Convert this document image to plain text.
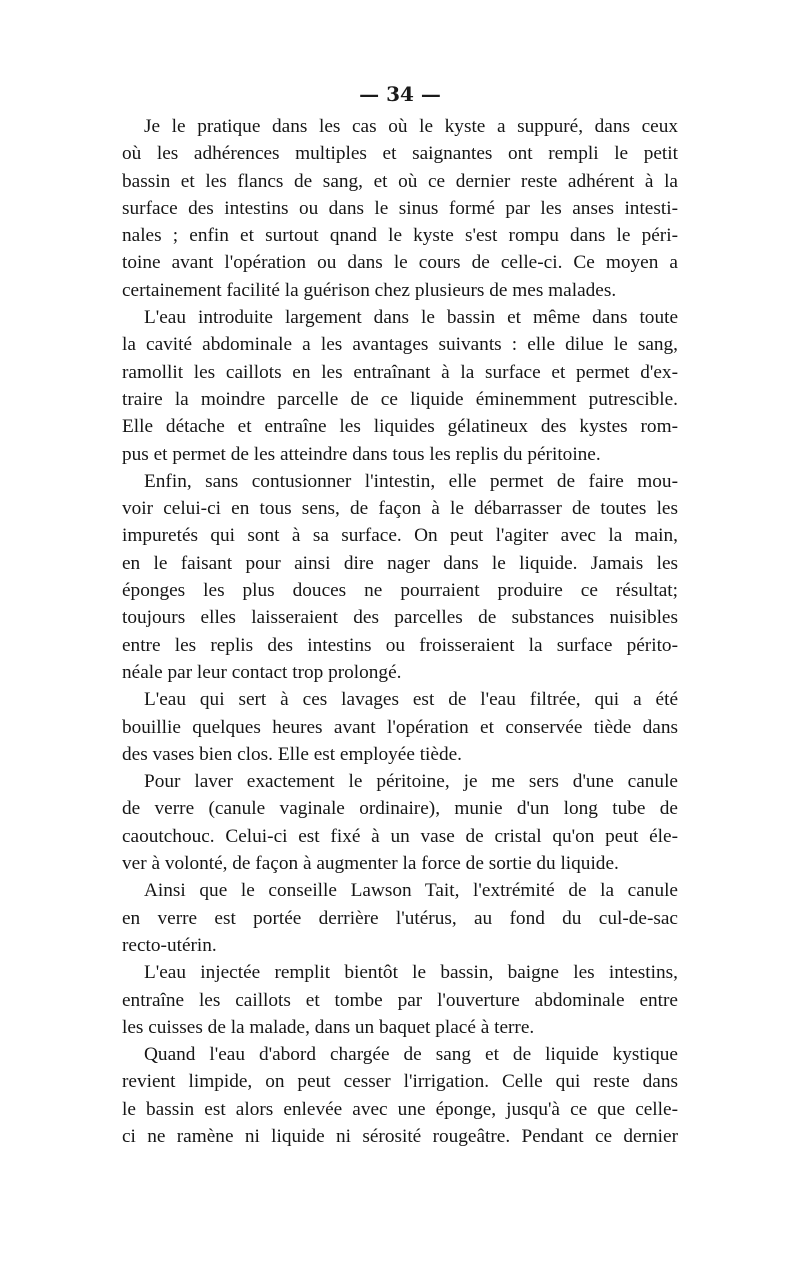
— 34 —

Je le pratique dans les cas où le kyste a suppuré, dans ceux
où les adhérences multiples et saignantes ont rempli le petit
bassin et les flancs de sang, et où ce dernier reste adhérent à la
surface des intestins ou dans le sinus formé par les anses intesti-
nales ; enfin et surtout qnand le kyste s'est rompu dans le péri-
toine avant l'opération ou dans le cours de celle-ci. Ce moyen a
certainement facilité la guérison chez plusieurs de mes malades.

L'eau introduite largement dans le bassin et même dans toute
la cavité abdominale a les avantages suivants : elle dilue le sang,
ramollit les caillots en les entraînant à la surface et permet d'ex-
traire la moindre parcelle de ce liquide éminemment putrescible.
Elle détache et entraîne les liquides gélatineux des kystes rom-
pus et permet de les atteindre dans tous les replis du péritoine.

Enfin, sans contusionner l'intestin, elle permet de faire mou-
voir celui-ci en tous sens, de façon à le débarrasser de toutes les
impuretés qui sont à sa surface. On peut l'agiter avec la main,
en le faisant pour ainsi dire nager dans le liquide. Jamais les
éponges les plus douces ne pourraient produire ce résultat;
toujours elles laisseraient des parcelles de substances nuisibles
entre les replis des intestins ou froisseraient la surface périto-
néale par leur contact trop prolongé.

L'eau qui sert à ces lavages est de l'eau filtrée, qui a été
bouillie quelques heures avant l'opération et conservée tiède dans
des vases bien clos. Elle est employée tiède.

Pour laver exactement le péritoine, je me sers d'une canule
de verre (canule vaginale ordinaire), munie d'un long tube de
caoutchouc. Celui-ci est fixé à un vase de cristal qu'on peut éle-
ver à volonté, de façon à augmenter la force de sortie du liquide.

Ainsi que le conseille Lawson Tait, l'extrémité de la canule
en verre est portée derrière l'utérus, au fond du cul-de-sac
recto-utérin.

L'eau injectée remplit bientôt le bassin, baigne les intestins,
entraîne les caillots et tombe par l'ouverture abdominale entre
les cuisses de la malade, dans un baquet placé à terre.

Quand l'eau d'abord chargée de sang et de liquide kystique
revient limpide, on peut cesser l'irrigation. Celle qui reste dans
le bassin est alors enlevée avec une éponge, jusqu'à ce que celle-
ci ne ramène ni liquide ni sérosité rougeâtre. Pendant ce dernier
